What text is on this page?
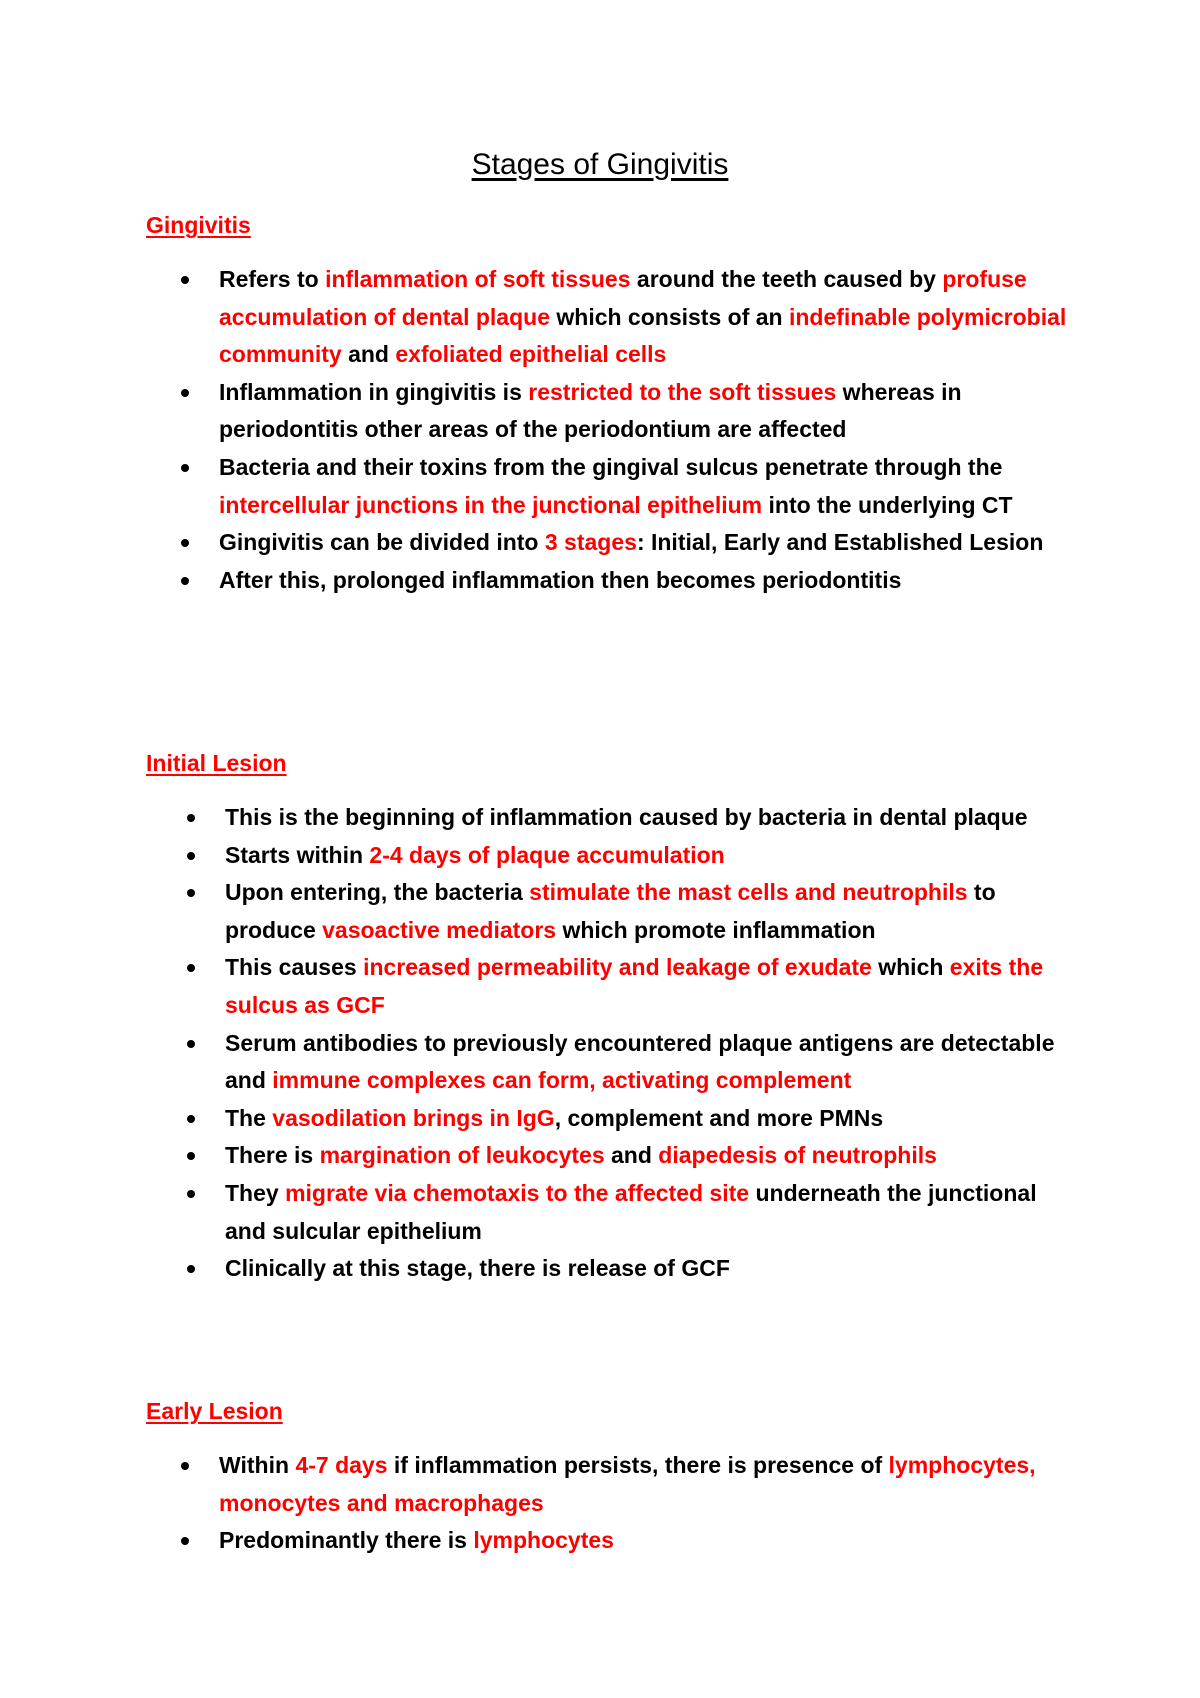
Stages of Gingivitis
Gingivitis
Refers to inflammation of soft tissues around the teeth caused by profuse accumulation of dental plaque which consists of an indefinable polymicrobial community and exfoliated epithelial cells
Inflammation in gingivitis is restricted to the soft tissues whereas in periodontitis other areas of the periodontium are affected
Bacteria and their toxins from the gingival sulcus penetrate through the intercellular junctions in the junctional epithelium into the underlying CT
Gingivitis can be divided into 3 stages: Initial, Early and Established Lesion
After this, prolonged inflammation then becomes periodontitis
Initial Lesion
This is the beginning of inflammation caused by bacteria in dental plaque
Starts within 2-4 days of plaque accumulation
Upon entering, the bacteria stimulate the mast cells and neutrophils to produce vasoactive mediators which promote inflammation
This causes increased permeability and leakage of exudate which exits the sulcus as GCF
Serum antibodies to previously encountered plaque antigens are detectable and immune complexes can form, activating complement
The vasodilation brings in IgG, complement and more PMNs
There is margination of leukocytes and diapedesis of neutrophils
They migrate via chemotaxis to the affected site underneath the junctional and sulcular epithelium
Clinically at this stage, there is release of GCF
Early Lesion
Within 4-7 days if inflammation persists, there is presence of lymphocytes, monocytes and macrophages
Predominantly there is lymphocytes
